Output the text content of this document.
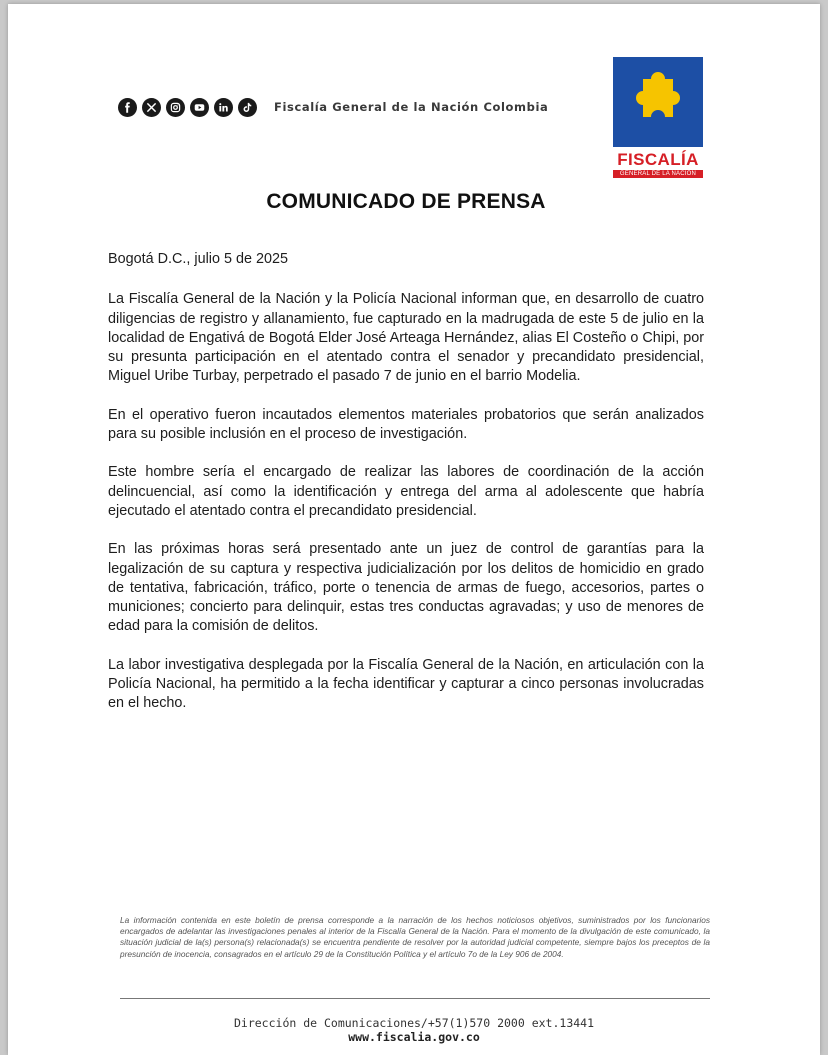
Fiscalía General de la Nación Colombia
FISCALÍA
GENERAL DE LA NACIÓN
COMUNICADO DE PRENSA

Bogotá D.C., julio 5 de 2025

La Fiscalía General de la Nación y la Policía Nacional informan que, en desarrollo de cuatro diligencias de registro y allanamiento, fue capturado en la madrugada de este 5 de julio en la localidad de Engativá de Bogotá Elder José Arteaga Hernández, alias El Costeño o Chipi, por su presunta participación en el atentado contra el senador y precandidato presidencial, Miguel Uribe Turbay, perpetrado el pasado 7 de junio en el barrio Modelia.

En el operativo fueron incautados elementos materiales probatorios que serán analizados para su posible inclusión en el proceso de investigación.

Este hombre sería el encargado de realizar las labores de coordinación de la acción delincuencial, así como la identificación y entrega del arma al adolescente que habría ejecutado el atentado contra el precandidato presidencial.

En las próximas horas será presentado ante un juez de control de garantías para la legalización de su captura y respectiva judicialización por los delitos de homicidio en grado de tentativa, fabricación, tráfico, porte o tenencia de armas de fuego, accesorios, partes o municiones; concierto para delinquir, estas tres conductas agravadas; y uso de menores de edad para la comisión de delitos.

La labor investigativa desplegada por la Fiscalía General de la Nación, en articulación con la Policía Nacional, ha permitido a la fecha identificar y capturar a cinco personas involucradas en el hecho.

La información contenida en este boletín de prensa corresponde a la narración de los hechos noticiosos objetivos, suministrados por los funcionarios encargados de adelantar las investigaciones penales al interior de la Fiscalía General de la Nación. Para el momento de la divulgación de este comunicado, la situación judicial de la(s) persona(s) relacionada(s) se encuentra pendiente de resolver por la autoridad judicial competente, siempre bajos los preceptos de la presunción de inocencia, consagrados en el artículo 29 de la Constitución Política y el artículo 7o de la Ley 906 de 2004.
Dirección de Comunicaciones/+57(1)570 2000 ext.13441
www.fiscalia.gov.co
